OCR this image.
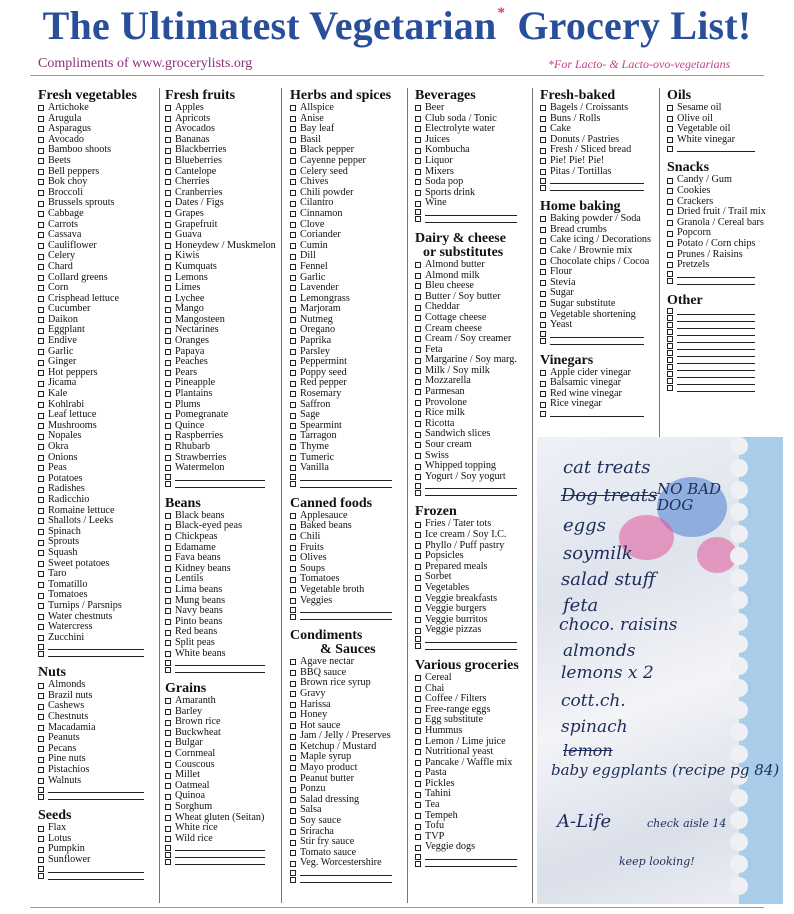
The Ultimatest Vegetarian* Grocery List!
Compliments of www.grocerylists.org	*For Lacto- & Lacto-ovo-vegetarians
Fresh vegetables
Artichoke
Arugula
Asparagus
Avocado
Bamboo shoots
Beets
Bell peppers
Bok choy
Broccoli
Brussels sprouts
Cabbage
Carrots
Cassava
Cauliflower
Celery
Chard
Collard greens
Corn
Crisphead lettuce
Cucumber
Daikon
Eggplant
Endive
Garlic
Ginger
Hot peppers
Jicama
Kale
Kohlrabi
Leaf lettuce
Mushrooms
Nopales
Okra
Onions
Peas
Potatoes
Radishes
Radicchio
Romaine lettuce
Shallots / Leeks
Spinach
Sprouts
Squash
Sweet potatoes
Taro
Tomatillo
Tomatoes
Turnips / Parsnips
Water chestnuts
Watercress
Zucchini
Nuts
Almonds
Brazil nuts
Cashews
Chestnuts
Macadamia
Peanuts
Pecans
Pine nuts
Pistachios
Walnuts
Seeds
Flax
Lotus
Pumpkin
Sunflower
Fresh fruits
Apples
Apricots
Avocados
Bananas
Blackberries
Blueberries
Cantelope
Cherries
Cranberries
Dates / Figs
Grapes
Grapefruit
Guava
Honeydew / Muskmelon
Kiwis
Kumquats
Lemons
Limes
Lychee
Mango
Mangosteen
Nectarines
Oranges
Papaya
Peaches
Pears
Pineapple
Plantains
Plums
Pomegranate
Quince
Raspberries
Rhubarb
Strawberries
Watermelon
Beans
Black beans
Black-eyed peas
Chickpeas
Edamame
Fava beans
Kidney beans
Lentils
Lima beans
Mung beans
Navy beans
Pinto beans
Red beans
Split peas
White beans
Grains
Amaranth
Barley
Brown rice
Buckwheat
Bulgar
Cornmeal
Couscous
Millet
Oatmeal
Quinoa
Sorghum
Wheat gluten (Seitan)
White rice
Wild rice
Herbs and spices
Allspice
Anise
Bay leaf
Basil
Black pepper
Cayenne pepper
Celery seed
Chives
Chili powder
Cilantro
Cinnamon
Clove
Coriander
Cumin
Dill
Fennel
Garlic
Lavender
Lemongrass
Marjoram
Nutmeg
Oregano
Paprika
Parsley
Peppermint
Poppy seed
Red pepper
Rosemary
Saffron
Sage
Spearmint
Tarragon
Thyme
Tumeric
Vanilla
Canned foods
Applesauce
Baked beans
Chili
Fruits
Olives
Soups
Tomatoes
Vegetable broth
Veggies
Condiments
& Sauces
Agave nectar
BBQ sauce
Brown rice syrup
Gravy
Harissa
Honey
Hot sauce
Jam / Jelly / Preserves
Ketchup / Mustard
Maple syrup
Mayo product
Peanut butter
Ponzu
Salad dressing
Salsa
Soy sauce
Sriracha
Stir fry sauce
Tomato sauce
Veg. Worcestershire
Beverages
Beer
Club soda / Tonic
Electrolyte water
Juices
Kombucha
Liquor
Mixers
Soda pop
Sports drink
Wine
Dairy & cheese
or substitutes
Almond butter
Almond milk
Bleu cheese
Butter / Soy butter
Cheddar
Cottage cheese
Cream cheese
Cream / Soy creamer
Feta
Margarine / Soy marg.
Milk / Soy milk
Mozzarella
Parmesan
Provolone
Rice milk
Ricotta
Sandwich slices
Sour cream
Swiss
Whipped topping
Yogurt / Soy yogurt
Frozen
Fries / Tater tots
Ice cream / Soy I.C.
Phyllo / Puff pastry
Popsicles
Prepared meals
Sorbet
Vegetables
Veggie breakfasts
Veggie burgers
Veggie burritos
Veggie pizzas
Various groceries
Cereal
Chai
Coffee / Filters
Free-range eggs
Egg substitute
Hummus
Lemon / Lime juice
Nutritional yeast
Pancake / Waffle mix
Pasta
Pickles
Tahini
Tea
Tempeh
Tofu
TVP
Veggie dogs
Fresh-baked
Bagels / Croissants
Buns / Rolls
Cake
Donuts / Pastries
Fresh / Sliced bread
Pie! Pie! Pie!
Pitas / Tortillas
Home baking
Baking powder / Soda
Bread crumbs
Cake icing / Decorations
Cake / Brownie mix
Chocolate chips / Cocoa
Flour
Stevia
Sugar
Sugar substitute
Vegetable shortening
Yeast
Vinegars
Apple cider vinegar
Balsamic vinegar
Red wine vinegar
Rice vinegar
Oils
Sesame oil
Olive oil
Vegetable oil
White vinegar
Snacks
Candy / Gum
Cookies
Crackers
Dried fruit / Trail mix
Granola / Cereal bars
Popcorn
Potato / Corn chips
Prunes / Raisins
Pretzels
Other
cat treats
Dog treats NO BAD DOG
eggs
soymilk
salad stuff
feta
choco. raisins
almonds
lemons x 2
cott.ch.
spinach
lemon
baby eggplants (recipe pg 84)
A-Life	check aisle 14
keep looking!
